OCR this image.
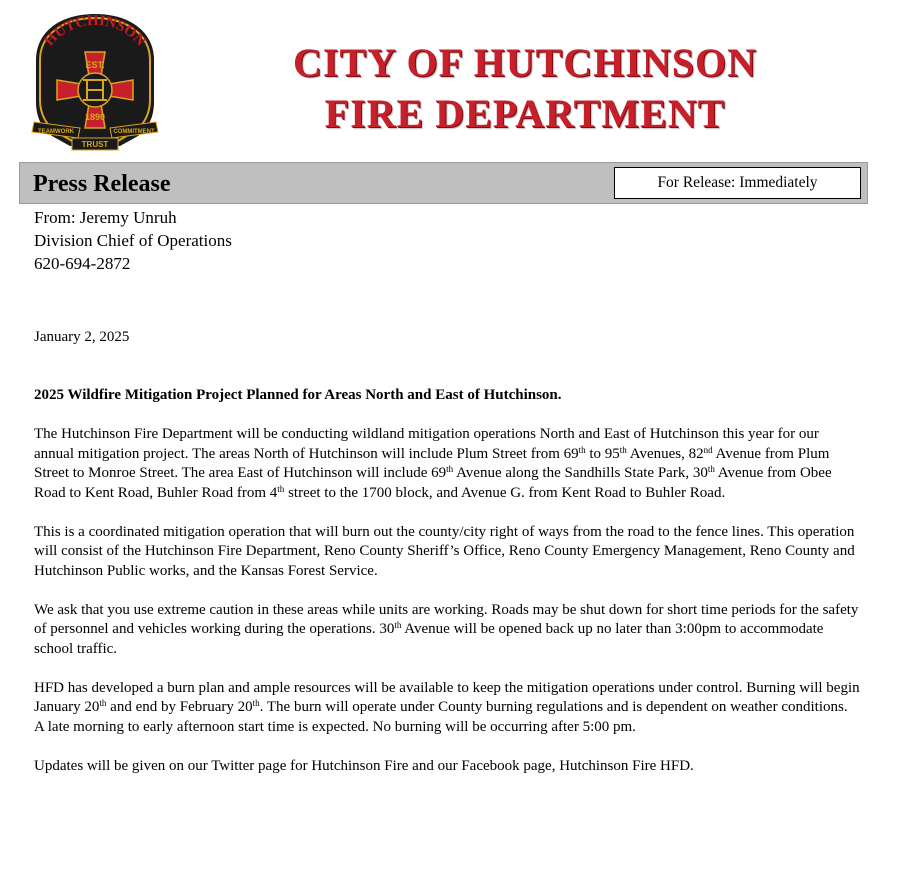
HUTCHINSON
EST.
1890
TEAMWORK	COMMITMENT
TRUST
CITY OF HUTCHINSON
FIRE DEPARTMENT
Press Release	For Release: Immediately
From: Jeremy Unruh
Division Chief of Operations
620-694-2872
January 2, 2025

2025 Wildfire Mitigation Project Planned for Areas North and East of Hutchinson.

The Hutchinson Fire Department will be conducting wildland mitigation operations North and East of Hutchinson this year for our annual mitigation project. The areas North of Hutchinson will include Plum Street from 69th to 95th Avenues, 82nd Avenue from Plum Street to Monroe Street. The area East of Hutchinson will include 69th Avenue along the Sandhills State Park, 30th Avenue from Obee Road to Kent Road, Buhler Road from 4th street to the 1700 block, and Avenue G. from Kent Road to Buhler Road.

This is a coordinated mitigation operation that will burn out the county/city right of ways from the road to the fence lines. This operation will consist of the Hutchinson Fire Department, Reno County Sheriff’s Office, Reno County Emergency Management, Reno County and Hutchinson Public works, and the Kansas Forest Service.

We ask that you use extreme caution in these areas while units are working. Roads may be shut down for short time periods for the safety of personnel and vehicles working during the operations. 30th Avenue will be opened back up no later than 3:00pm to accommodate school traffic.

HFD has developed a burn plan and ample resources will be available to keep the mitigation operations under control. Burning will begin January 20th and end by February 20th. The burn will operate under County burning regulations and is dependent on weather conditions. A late morning to early afternoon start time is expected. No burning will be occurring after 5:00 pm.

Updates will be given on our Twitter page for Hutchinson Fire and our Facebook page, Hutchinson Fire HFD.
